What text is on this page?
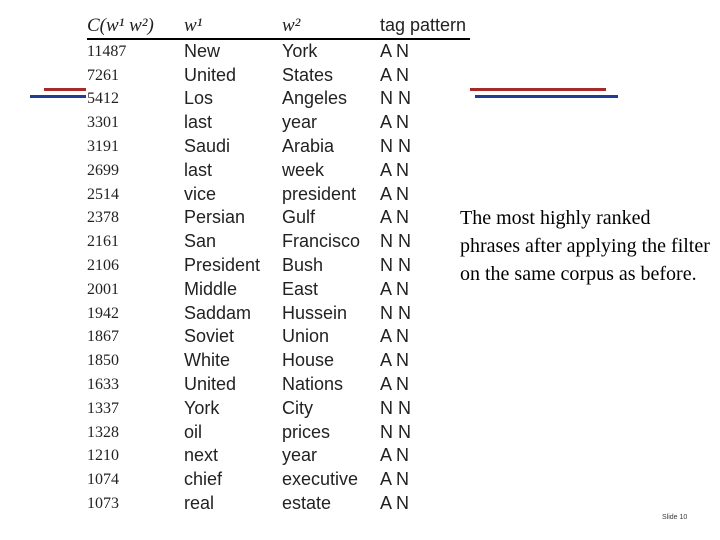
C(w¹ w²)	w¹	w²	tag pattern
11487	New	York	A N
7261	United	States	A N
5412	Los	Angeles	N N
3301	last	year	A N
3191	Saudi	Arabia	N N
2699	last	week	A N
2514	vice	president	A N
2378	Persian	Gulf	A N
2161	San	Francisco	N N
2106	President	Bush	N N
2001	Middle	East	A N
1942	Saddam	Hussein	N N
1867	Soviet	Union	A N
1850	White	House	A N
1633	United	Nations	A N
1337	York	City	N N
1328	oil	prices	N N
1210	next	year	A N
1074	chief	executive	A N
1073	real	estate	A N
The most highly ranked phrases after applying the filter on the same corpus as before.
Slide 10
